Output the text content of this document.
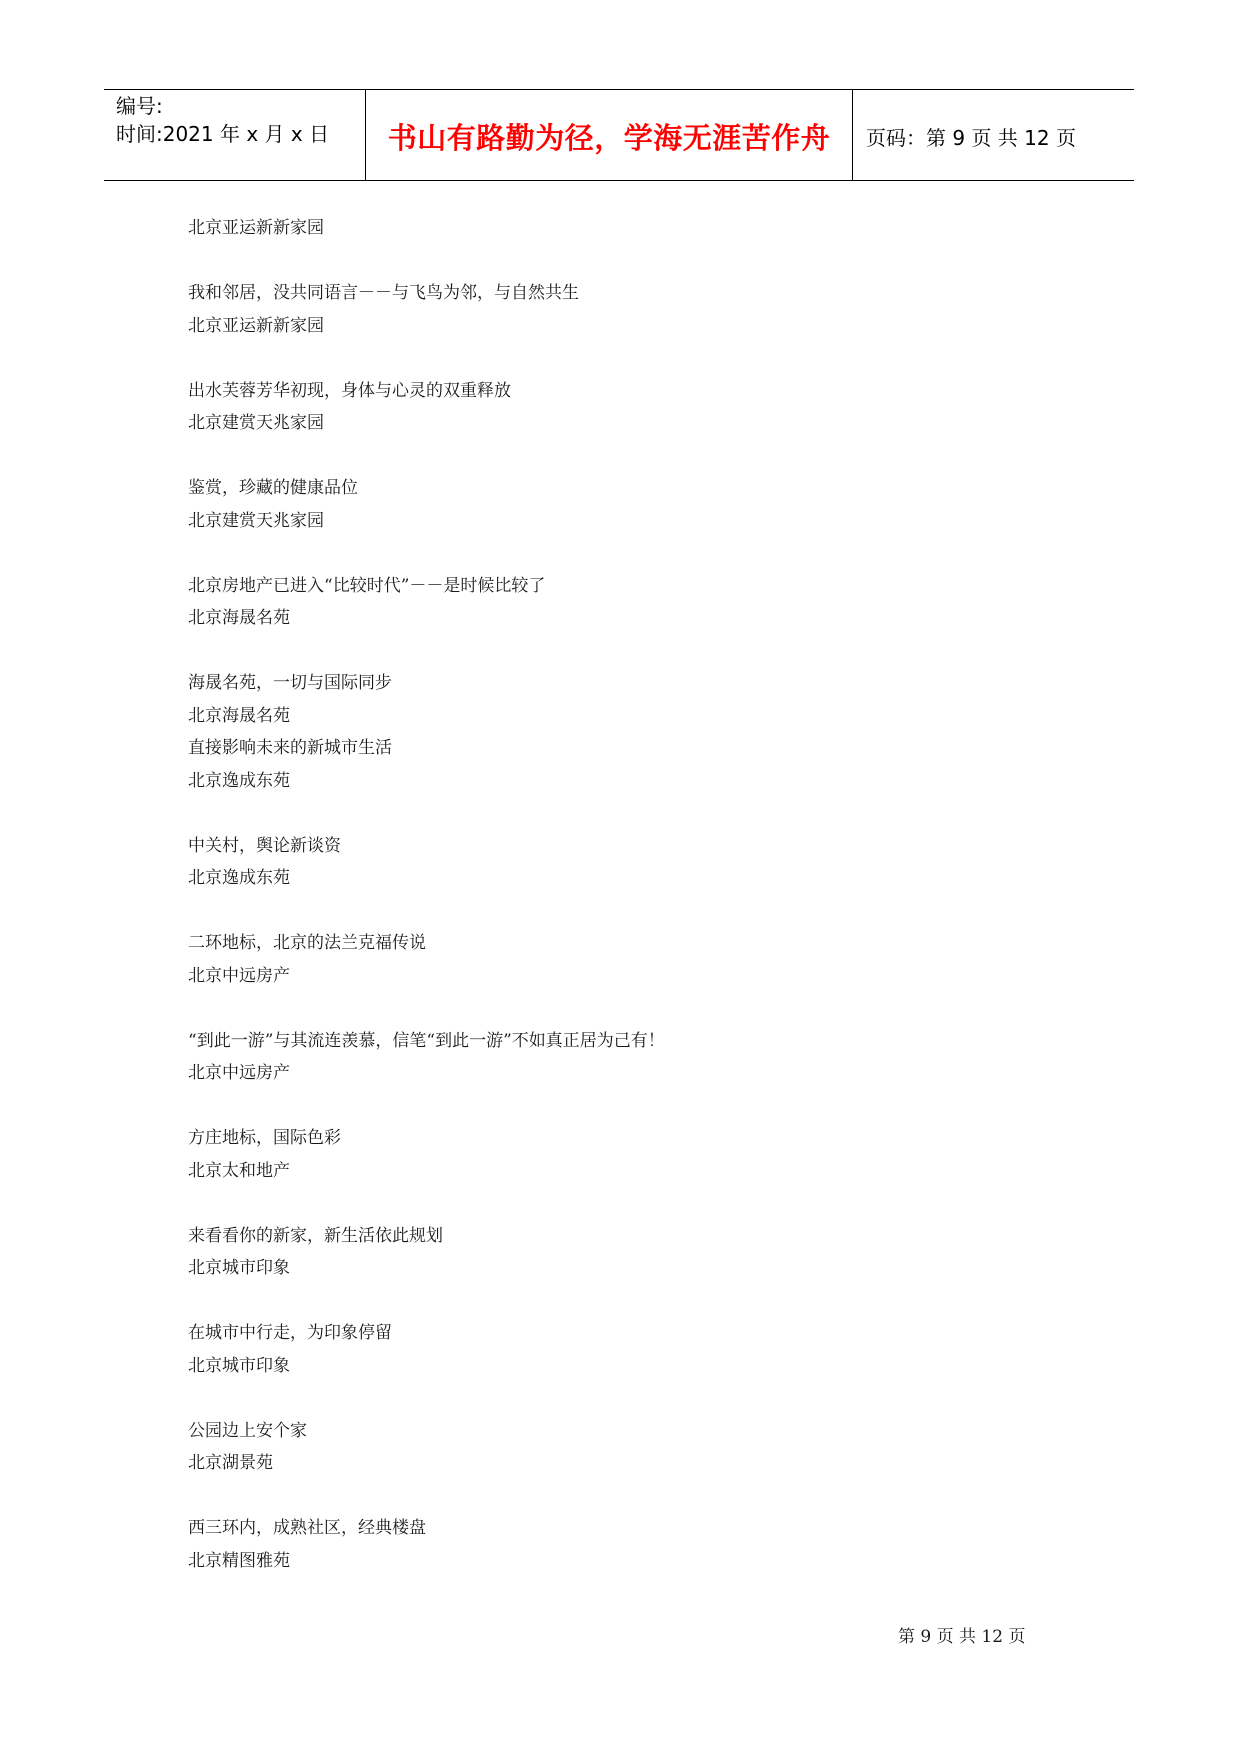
编号:
时间:2021 年 x 月 x 日	书山有路勤为径，学海无涯苦作舟	页码：第 9 页 共 12 页
北京亚运新新家园
我和邻居，没共同语言－－与飞鸟为邻，与自然共生
北京亚运新新家园
出水芙蓉芳华初现，身体与心灵的双重释放
北京建赏天兆家园
鉴赏，珍藏的健康品位
北京建赏天兆家园
北京房地产已进入“比较时代”－－是时候比较了
北京海晟名苑
海晟名苑，一切与国际同步
北京海晟名苑
直接影响未来的新城市生活
北京逸成东苑
中关村，舆论新谈资
北京逸成东苑
二环地标，北京的法兰克福传说
北京中远房产
“到此一游”与其流连羡慕，信笔“到此一游”不如真正居为己有！
北京中远房产
方庄地标，国际色彩
北京太和地产
来看看你的新家，新生活依此规划
北京城市印象
在城市中行走，为印象停留
北京城市印象
公园边上安个家
北京湖景苑
西三环内，成熟社区，经典楼盘
北京精图雅苑
第 9 页 共 12 页
